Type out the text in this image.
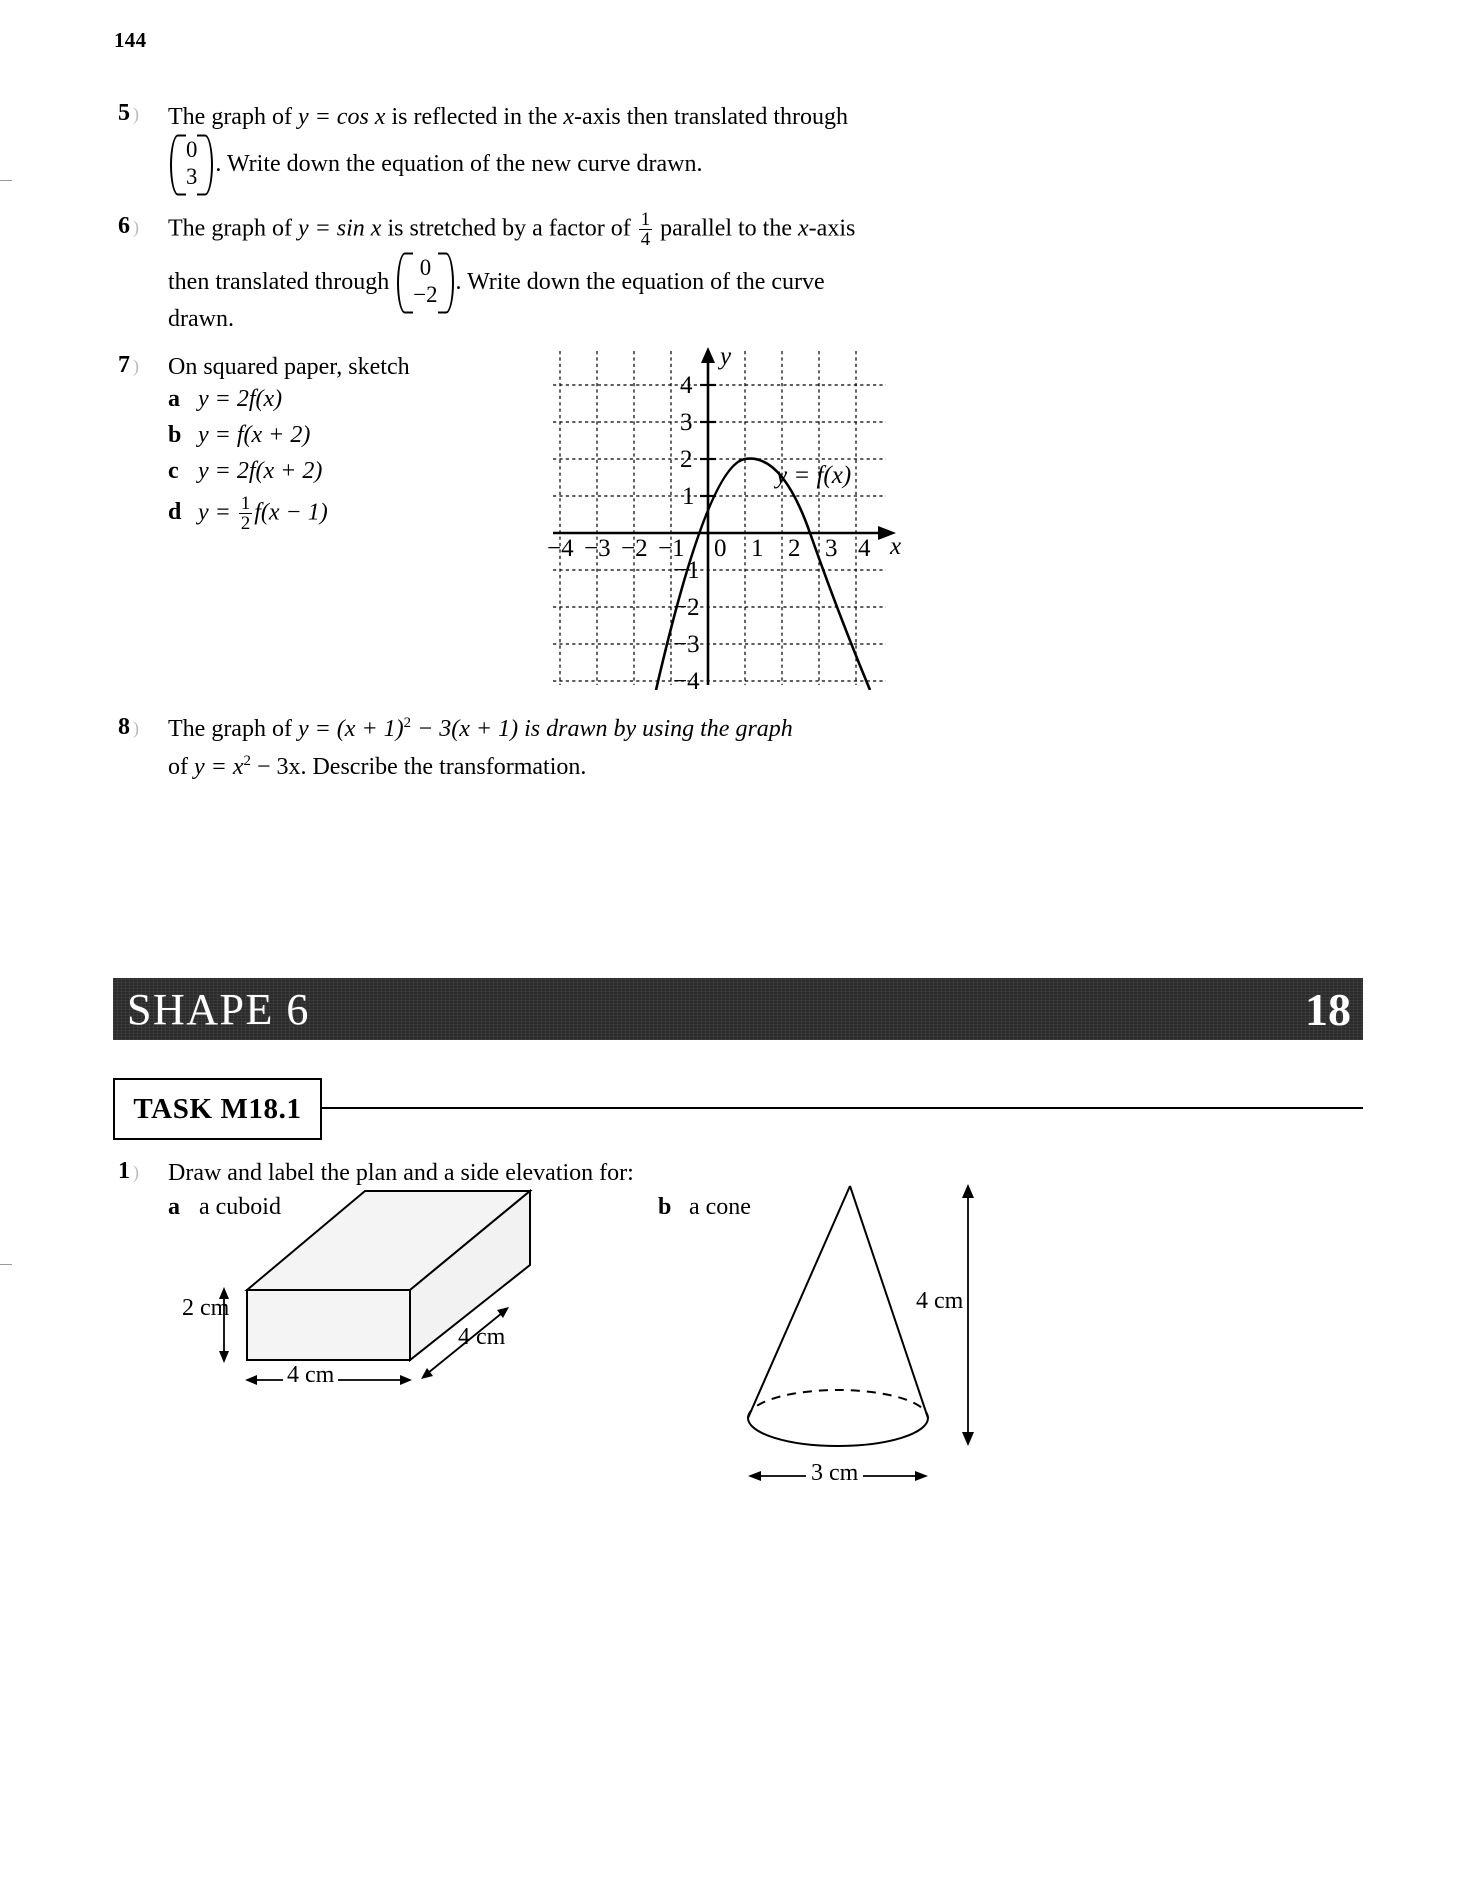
144
5 ) The graph of y = cos x is reflected in the x-axis then translated through
0
3 . Write down the equation of the new curve drawn.
6 ) The graph of y = sin x is stretched by a factor of $\frac{1}{4}$ parallel to the x-axis
then translated through
0
−2 . Write down the equation of the curve
drawn.
7 ) On squared paper, sketch
a y = 2f(x)
b y = f(x + 2)
c y = 2f(x + 2)
d $y = \frac{1}{2} f(x - 1)$
4
3
2
1
−1
−2
−3
−4
−4 −3 −2 −1 0 1 2 3 4
y
x
y = f(x)
8 ) The graph of $y = (x + 1)^2 - 3(x + 1)$ is drawn by using the graph
of $y = x^2 - 3x$. Describe the transformation.
SHAPE 6	18
TASK M18.1
1 ) Draw and label the plan and a side elevation for:
a a cuboid	b a cone
2 cm
4 cm
4 cm
4 cm
3 cm
